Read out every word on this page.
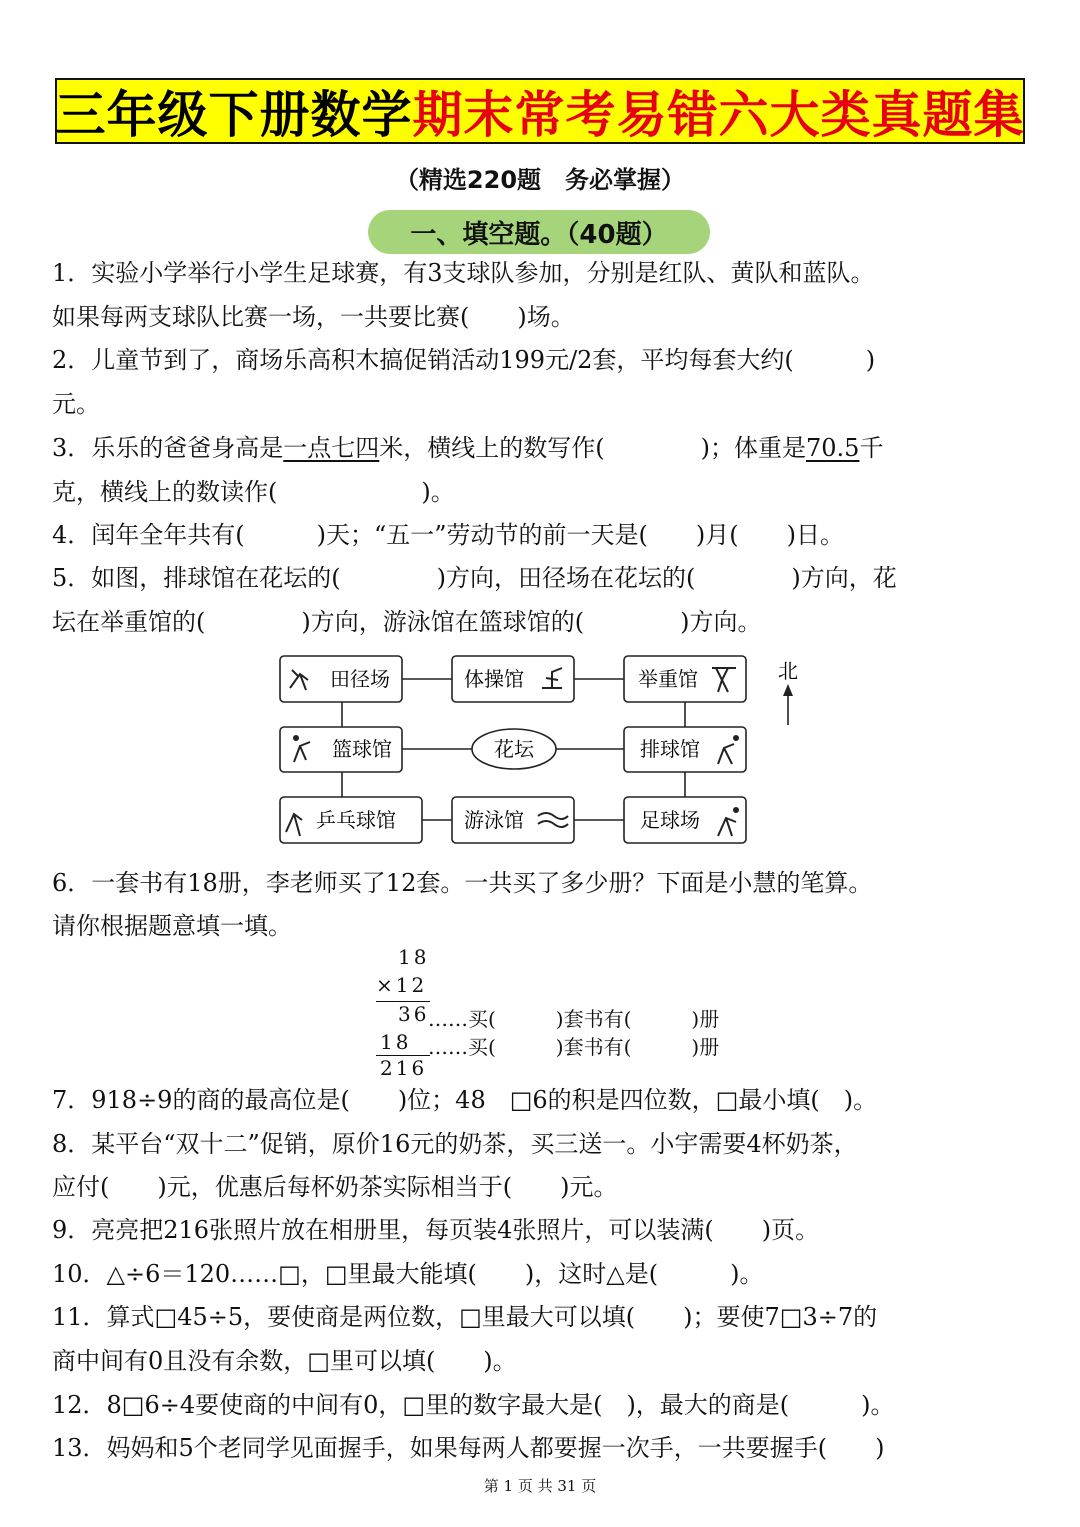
三年级下册数学 期末常考易错六大类真题集
（精选220题　务必掌握）
一、填空题。（40题）
1．实验小学举行小学生足球赛，有3支球队参加，分别是红队、黄队和蓝队。
如果每两支球队比赛一场，一共要比赛(　　)场。
2．儿童节到了，商场乐高积木搞促销活动199元/2套，平均每套大约(　　　)
元。
3．乐乐的爸爸身高是一点七四米，横线上的数写作(　　　　)；体重是70.5千
克，横线上的数读作(　　　　　　)。
4．闰年全年共有(　　　)天；“五一”劳动节的前一天是(　　)月(　　)日。
5．如图，排球馆在花坛的(　　　　)方向，田径场在花坛的(　　　　)方向，花
坛在举重馆的(　　　　)方向，游泳馆在篮球馆的(　　　　)方向。
北
田径场	体操馆	举重馆
篮球馆	花坛	排球馆
乒乓球馆	游泳馆	足球场
6．一套书有18册，李老师买了12套。一共买了多少册？下面是小慧的笔算。
请你根据题意填一填。
18
×12
36
……买(　　　)套书有(　　　)册
18 ……买(　　　)套书有(　　　)册
216
7．918÷9的商的最高位是(　　)位；48　□6的积是四位数，□最小填(　)。
8．某平台“双十二”促销，原价16元的奶茶，买三送一。小宇需要4杯奶茶，
应付(　　)元，优惠后每杯奶茶实际相当于(　　)元。
9．亮亮把216张照片放在相册里，每页装4张照片，可以装满(　　)页。
10．△÷6＝120……□，□里最大能填(　　)，这时△是(　　　)。
11．算式□45÷5，要使商是两位数，□里最大可以填(　　)；要使7□3÷7的
商中间有0且没有余数，□里可以填(　　)。
12．8□6÷4要使商的中间有0，□里的数字最大是(　)，最大的商是(　　　)。
13．妈妈和5个老同学见面握手，如果每两人都要握一次手，一共要握手(　　)
第 1 页 共 31 页
